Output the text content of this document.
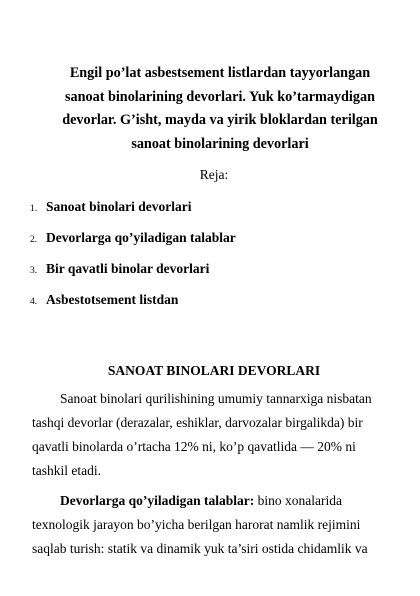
Engil po’lat asbestsement listlardan tayyorlangan sanoat binolarining devorlari. Yuk ko’tarmaydigan devorlar. G’isht, mayda va yirik bloklardan terilgan sanoat binolarining devorlari

Reja:

1. Sanoat binolari devorlari
2. Devorlarga qo’yiladigan talablar
3. Bir qavatli binolar devorlari
4. Asbestotsement listdan
SANOAT BINOLARI DEVORLARI

Sanoat binolari qurilishining umumiy tannarxiga nisbatan tashqi devorlar (derazalar, eshiklar, darvozalar birgalikda) bir qavatli binolarda o’rtacha 12% ni, ko’p qavatlida — 20% ni tashkil etadi.

Devorlarga qo’yiladigan talablar: bino xonalarida texnologik jarayon bo’yicha berilgan harorat namlik rejimini saqlab turish: statik va dinamik yuk ta’siri ostida chidamlik va
